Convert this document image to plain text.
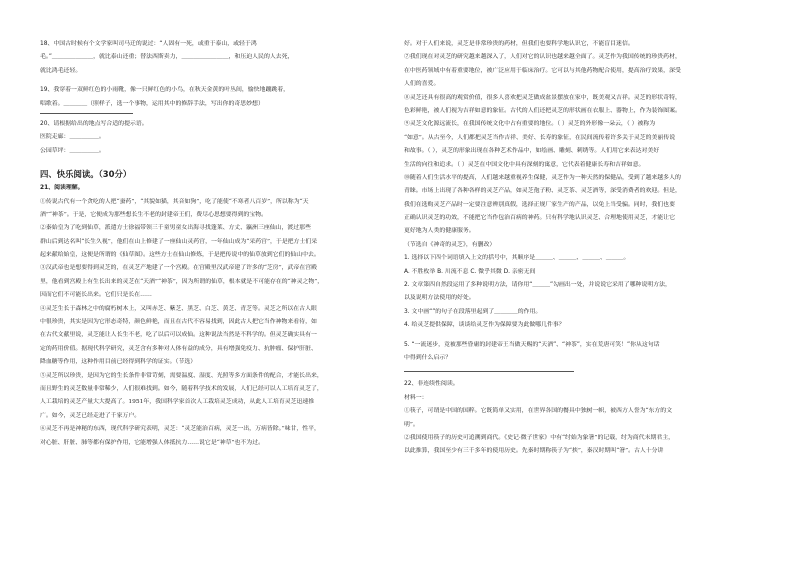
18、中国古时候有个文学家叫司马迁的说过：“人固有一死，或重于泰山，或轻于鸿
毛。”＿＿＿＿＿＿＿，就比泰山还重；替法西斯卖力，＿＿＿＿＿＿＿＿，和压迫人民的人去死，
就比鸿毛还轻。
19、我穿着一双鲜红色的小雨靴，像一只鲜红色的小鸟，在秋天金黄的叶丛间，愉快地蹦跳着，
唱歌着。＿＿＿＿（照样子，选一个事物，运用其中的修辞手法，写出你的奇思妙想）
20、请根据给出的地点写合适的提示语。
医院走廊：＿＿＿＿＿。
公园草坪：＿＿＿＿＿。
四、快乐阅读。（30分）
21、阅读理解。
①传说古代有一个贪吃的人把“蚕药”，“其貌如猫，其音如狗”，吃了能使“不寒者八百岁”，所以称为“天
酒”“神茶”。于是，它便成为那些想长生不老的封建帝王们，费尽心思想要得到的宝物。
②秦始皇为了吃到仙草，派遣方士徐福带领三千童男童女出海寻找蓬莱、方丈、瀛洲三座仙山，渡过那些
群山后到达名叫“长生久视”，他们在山上修建了一座仙山灵药宫，一年仙山成为“采药宫”，于是把方士们采
起来献给始皇，这便是所谓的《仙草图》。这些方士在仙山修炼，于是把传说中的仙草放到它们的仙山中去。
③汉武帝也是想要得到灵芝的，在灵芝产地建了一个宫殿。在宫殿里汉武帝建了许多的“芝房”，武帝在宫殿
里，他看到宫殿上有生长出来的灵芝在“天酒”“神茶”，因为所谓的仙草，根本就是不可能存在的“神灵之物”，
因而它们不可能长出来。它们只是长在……
④灵芝生长于森林之中的腐朽树木上，又叫赤芝、紫芝、黑芝、白芝、黄芝、青芝等。灵芝之所以在古人眼
中很珍贵，其实是因为它形态奇特，颜色鲜艳，而且在古代不容易找到，因此古人把它当作神物来看待，如
在古代文献里说，灵芝能让人长生不老，吃了以后可以成仙。这种说法当然是不科学的。但灵芝确实具有一
定的药用价值。据现代科学研究，灵芝含有多种对人体有益的成分，具有增强免疫力、抗肿瘤、保护肝脏、
降血糖等作用，这种作用目前已经得到科学的证实。（节选）
⑤灵芝所以珍贵，是因为它的生长条件非常苛刻，需要温度、湿度、光照等多方面条件的配合，才能长出来，
而且野生的灵芝数量非常稀少，人们很难找到。如今，随着科学技术的发展，人们已经可以人工培育灵芝了，
人工栽培的灵芝产量大大提高了。1951年，我国科学家首次人工栽培灵芝成功，从此人工培育灵芝迅速推
广。如今，灵芝已经走进了千家万户。
⑥灵芝不再是神秘的东西，现代科学研究表明，灵芝：“灵芝能治百病，灵芝一出，万病皆除。”味甘，性平，
对心脏、肝脏、肺等都有保护作用，它能增强人体抵抗力……说它是“神草”也不为过。
好。对于人们来说，灵芝是非常珍贵的药材，但我们也要科学地认识它，不能盲目迷信。
⑦我们现在对灵芝的研究越来越深入了，人们对它的认识也越来越全面了。灵芝作为我国传统的珍贵药材，
在中医药领域中有着重要地位，被广泛应用于临床治疗。它可以与其他药物配合使用，提高治疗效果，深受
人们的喜爱。
⑧灵芝还具有很高的观赏价值，很多人喜欢把灵芝做成盆景摆放在家中，既美观又吉祥。灵芝的形状奇特，
色彩鲜艳，被人们视为吉祥如意的象征。古代的人们还把灵芝的形状画在衣服上、器物上，作为装饰图案。
⑨灵芝文化源远流长，在我国传统文化中占有重要的地位。（ ）灵芝的外形像一朵云，（ ）被称为
“如意”。从古至今，人们都把灵芝当作吉祥、美好、长寿的象征，在民间流传着许多关于灵芝的美丽传说
和故事。（ ），灵芝的形象出现在各种艺术作品中，如绘画、雕刻、刺绣等。人们用它来表达对美好
生活的向往和追求。（ ）灵芝在中国文化中具有深刻的寓意，它代表着健康长寿和吉祥如意。
⑩随着人们生活水平的提高，人们越来越重视养生保健，灵芝作为一种天然的保健品，受到了越来越多人的
青睐。市场上出现了各种各样的灵芝产品，如灵芝孢子粉、灵芝茶、灵芝酒等，深受消费者的欢迎。但是，
我们在选购灵芝产品时一定要注意辨别真假，选择正规厂家生产的产品，以免上当受骗。同时，我们也要
正确认识灵芝的功效，不能把它当作包治百病的神药。只有科学地认识灵芝、合理地使用灵芝，才能让它
更好地为人类的健康服务。
（节选自《神奇的灵芝》，有删改）
1. 选择以下四个词语填入上文的括号中，其顺序是＿＿＿、＿＿＿、＿＿＿、＿＿＿。
A. 不胜枚举 B. 川流不息 C. 微乎其微 D. 亲密无间
2. 文章第四自然段运用了多种说明方法，请你用“＿＿＿”勾画出一处，并说说它采用了哪种说明方法，
以及说明方法使用的好处。
3. 文中画“”的句子在段落里起到了＿＿＿＿的作用。
4. 给灵芝提供保障，谈谈给灵芝作为保障要为此做哪几件事？
5. “一流迷步，竟被那些昏庸的封建帝王当做天赐的“天酒”、“神茶”，实在荒唐可笑！”你从这句话
中得到什么启示？
22、非连续性阅读。
材料一：
①筷子，可谓是中国的国粹。它既简单又实用，在世界各国的餐具中独树一帜，被西方人誉为“东方的文
明”。
②我国使用筷子的历史可追溯到商代。《史记·微子世家》中有“纣始为象箸”的记载，纣为商代末期君主，
以此推算，我国至少有三千多年的使用历史。先秦时期称筷子为“挟”，秦汉时期叫“箸”。古人十分讲
